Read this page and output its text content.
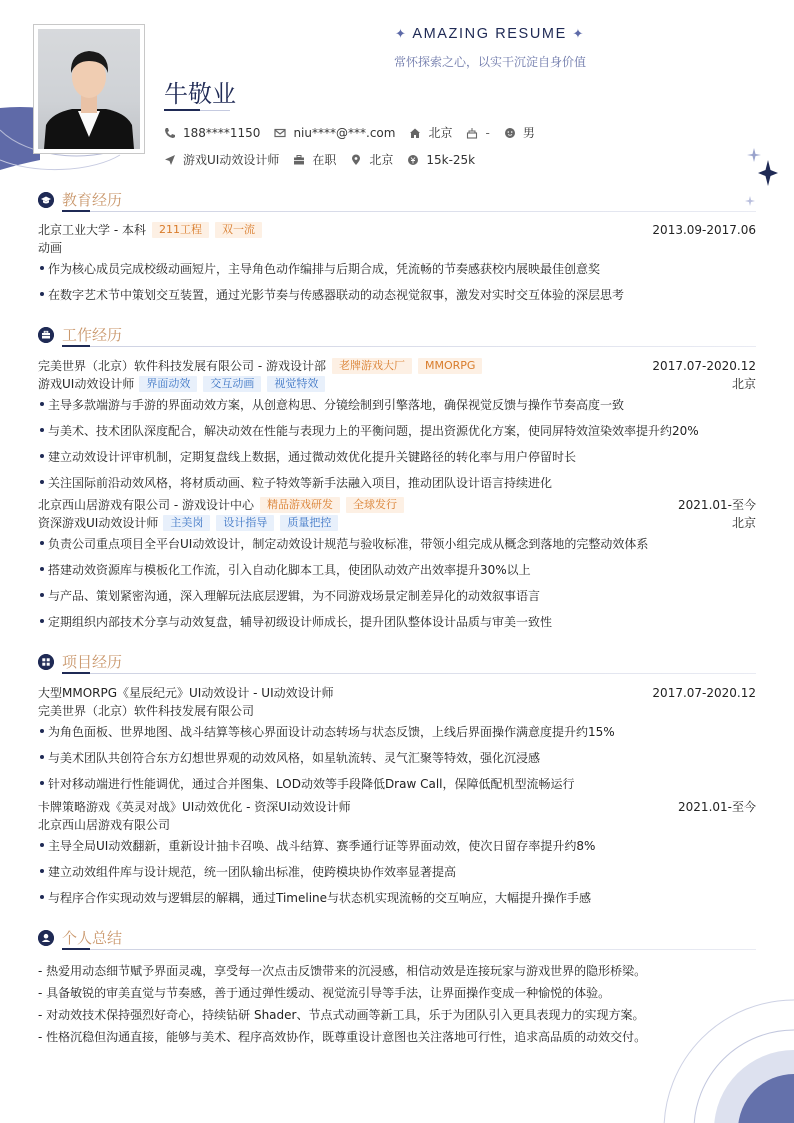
✦ AMAZING RESUME ✦
常怀探索之心，以实干沉淀自身价值
牛敬业
188****1150	niu****@***.com	北京	-	男
游戏UI动效设计师	在职	北京	15k-25k
教育经历
北京工业大学 - 本科	211工程	双一流	2013.09-2017.06
动画
作为核心成员完成校级动画短片，主导角色动作编排与后期合成，凭流畅的节奏感获校内展映最佳创意奖
在数字艺术节中策划交互装置，通过光影节奏与传感器联动的动态视觉叙事，激发对实时交互体验的深层思考
工作经历
完美世界（北京）软件科技发展有限公司 - 游戏设计部	老牌游戏大厂	MMORPG	2017.07-2020.12
游戏UI动效设计师	界面动效	交互动画	视觉特效	北京
主导多款端游与手游的界面动效方案，从创意构思、分镜绘制到引擎落地，确保视觉反馈与操作节奏高度一致
与美术、技术团队深度配合，解决动效在性能与表现力上的平衡问题，提出资源优化方案，使同屏特效渲染效率提升约20%
建立动效设计评审机制，定期复盘线上数据，通过微动效优化提升关键路径的转化率与用户停留时长
关注国际前沿动效风格，将材质动画、粒子特效等新手法融入项目，推动团队设计语言持续进化
北京西山居游戏有限公司 - 游戏设计中心	精品游戏研发	全球发行	2021.01-至今
资深游戏UI动效设计师	主美岗	设计指导	质量把控	北京
负责公司重点项目全平台UI动效设计，制定动效设计规范与验收标准，带领小组完成从概念到落地的完整动效体系
搭建动效资源库与模板化工作流，引入自动化脚本工具，使团队动效产出效率提升30%以上
与产品、策划紧密沟通，深入理解玩法底层逻辑，为不同游戏场景定制差异化的动效叙事语言
定期组织内部技术分享与动效复盘，辅导初级设计师成长，提升团队整体设计品质与审美一致性
项目经历
大型MMORPG《星辰纪元》UI动效设计 - UI动效设计师	2017.07-2020.12
完美世界（北京）软件科技发展有限公司
为角色面板、世界地图、战斗结算等核心界面设计动态转场与状态反馈，上线后界面操作满意度提升约15%
与美术团队共创符合东方幻想世界观的动效风格，如星轨流转、灵气汇聚等特效，强化沉浸感
针对移动端进行性能调优，通过合并图集、LOD动效等手段降低Draw Call，保障低配机型流畅运行
卡牌策略游戏《英灵对战》UI动效优化 - 资深UI动效设计师	2021.01-至今
北京西山居游戏有限公司
主导全局UI动效翻新，重新设计抽卡召唤、战斗结算、赛季通行证等界面动效，使次日留存率提升约8%
建立动效组件库与设计规范，统一团队输出标准，使跨模块协作效率显著提高
与程序合作实现动效与逻辑层的解耦，通过Timeline与状态机实现流畅的交互响应，大幅提升操作手感
个人总结
- 热爱用动态细节赋予界面灵魂，享受每一次点击反馈带来的沉浸感，相信动效是连接玩家与游戏世界的隐形桥梁。
- 具备敏锐的审美直觉与节奏感，善于通过弹性缓动、视觉流引导等手法，让界面操作变成一种愉悦的体验。
- 对动效技术保持强烈好奇心，持续钻研 Shader、节点式动画等新工具，乐于为团队引入更具表现力的实现方案。
- 性格沉稳但沟通直接，能够与美术、程序高效协作，既尊重设计意图也关注落地可行性，追求高品质的动效交付。
